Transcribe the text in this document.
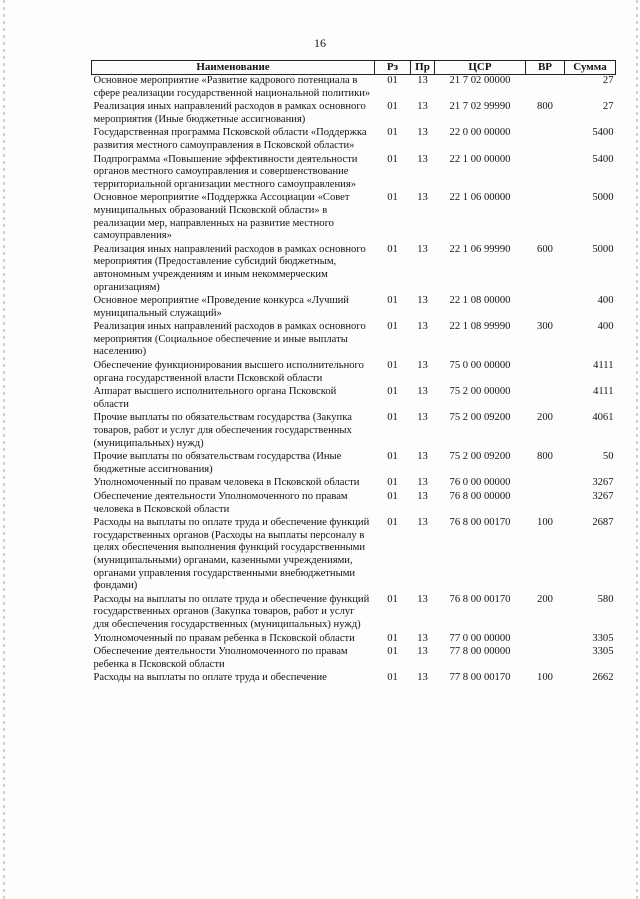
16
Наименование	Рз	Пр	ЦСР	ВР	Сумма
Основное мероприятие «Развитие кадрового потенциала в сфере реализации государственной национальной политики»	01	13	21 7 02 00000		27
Реализация иных направлений расходов в рамках основного мероприятия (Иные бюджетные ассигнования)	01	13	21 7 02 99990	800	27
Государственная программа Псковской области «Поддержка развития местного самоуправления в Псковской области»	01	13	22 0 00 00000		5400
Подпрограмма «Повышение эффективности деятельности органов местного самоуправления и совершенствование территориальной организации местного самоуправления»	01	13	22 1 00 00000		5400
Основное мероприятие «Поддержка Ассоциации «Совет муниципальных образований Псковской области» в реализации мер, направленных на развитие местного самоуправления»	01	13	22 1 06 00000		5000
Реализация иных направлений расходов в рамках основного мероприятия (Предоставление субсидий бюджетным, автономным учреждениям и иным некоммерческим организациям)	01	13	22 1 06 99990	600	5000
Основное мероприятие «Проведение конкурса «Лучший муниципальный служащий»	01	13	22 1 08 00000		400
Реализация иных направлений расходов в рамках основного мероприятия (Социальное обеспечение и иные выплаты населению)	01	13	22 1 08 99990	300	400
Обеспечение функционирования высшего исполнительного органа государственной власти Псковской области	01	13	75 0 00 00000		4111
Аппарат высшего исполнительного органа Псковской области	01	13	75 2 00 00000		4111
Прочие выплаты по обязательствам государства (Закупка товаров, работ и услуг для обеспечения государственных (муниципальных) нужд)	01	13	75 2 00 09200	200	4061
Прочие выплаты по обязательствам государства (Иные бюджетные ассигнования)	01	13	75 2 00 09200	800	50
Уполномоченный по правам человека в Псковской области	01	13	76 0 00 00000		3267
Обеспечение деятельности Уполномоченного по правам человека в Псковской области	01	13	76 8 00 00000		3267
Расходы на выплаты по оплате труда и обеспечение функций государственных органов (Расходы на выплаты персоналу в целях обеспечения выполнения функций государственными (муниципальными) органами, казенными учреждениями, органами управления государственными внебюджетными фондами)	01	13	76 8 00 00170	100	2687
Расходы на выплаты по оплате труда и обеспечение функций государственных органов (Закупка товаров, работ и услуг для обеспечения государственных (муниципальных) нужд)	01	13	76 8 00 00170	200	580
Уполномоченный по правам ребенка в Псковской области	01	13	77 0 00 00000		3305
Обеспечение деятельности Уполномоченного по правам ребенка в Псковской области	01	13	77 8 00 00000		3305
Расходы на выплаты по оплате труда и обеспечение	01	13	77 8 00 00170	100	2662
